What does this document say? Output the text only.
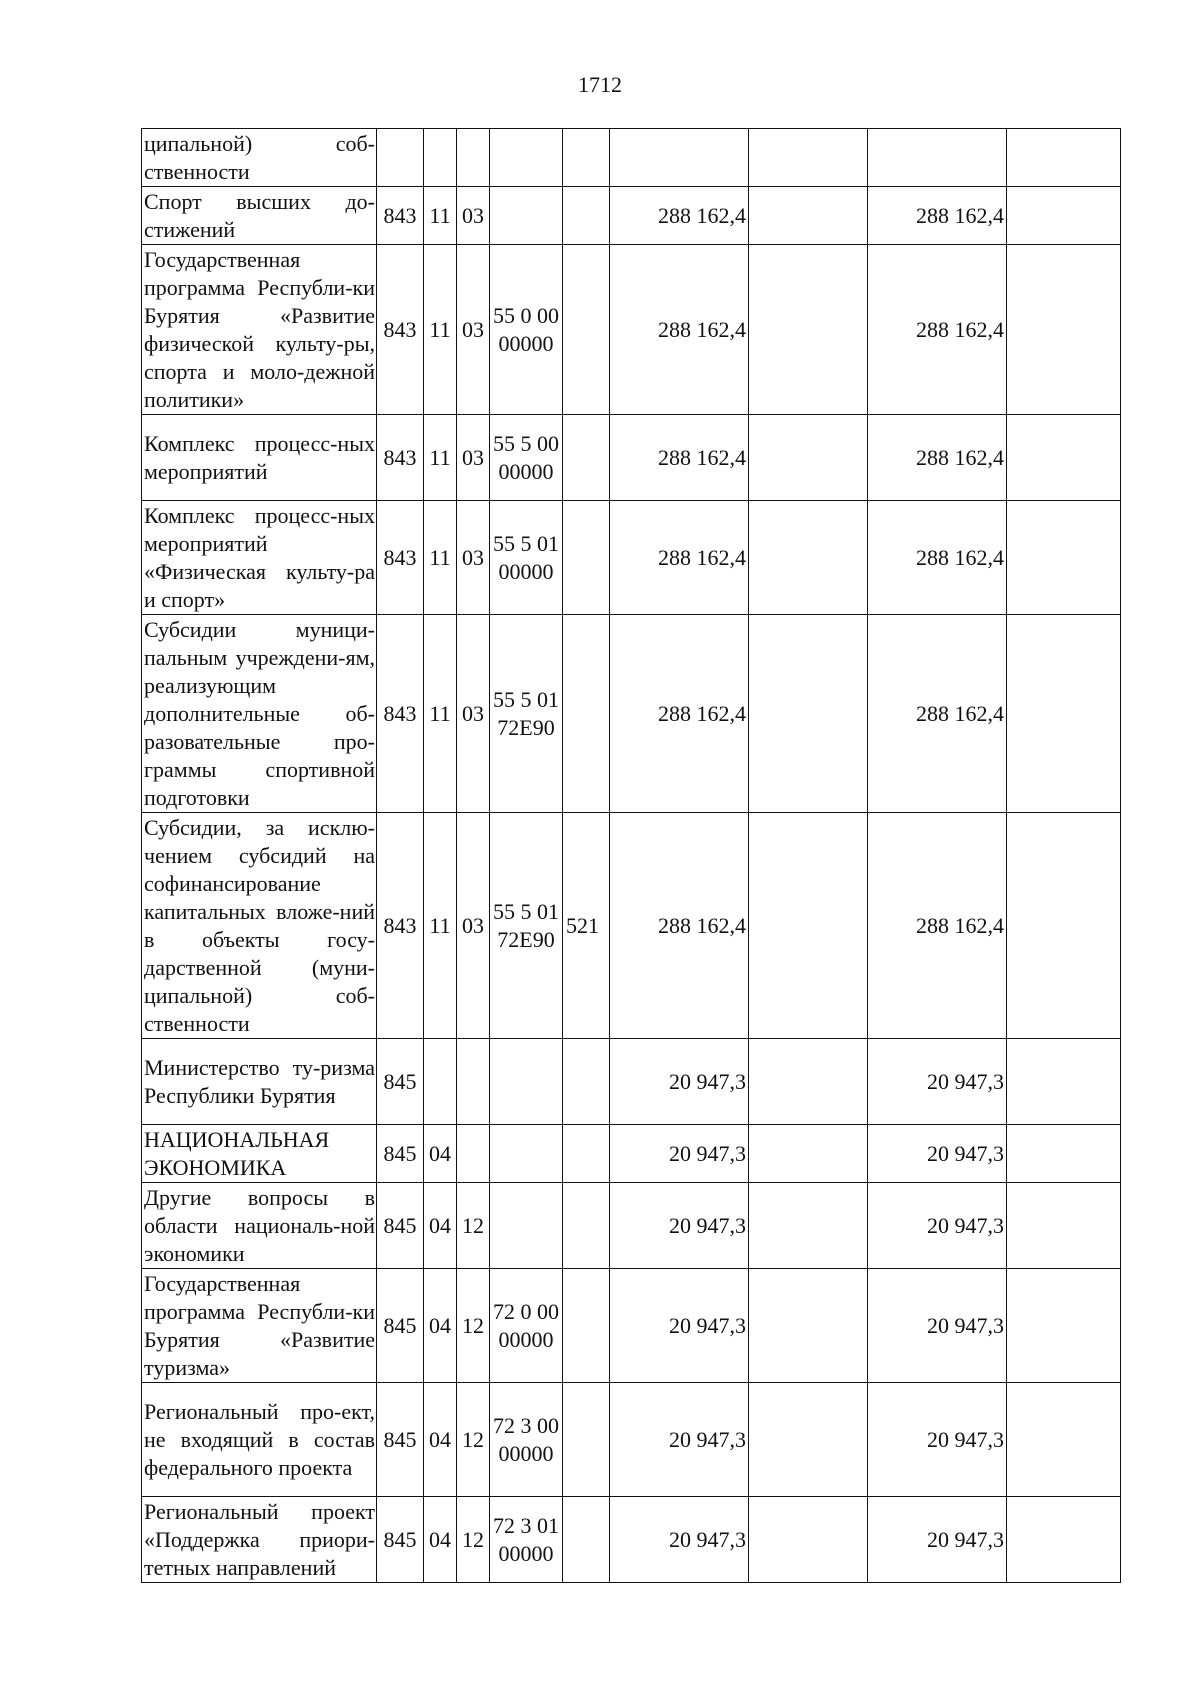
1712
ципальной) соб-ственности									
Спорт высших до-стижений	843	11	03			288 162,4		288 162,4	
Государственная программа Республи-ки Бурятия «Развитие физической культу-ры, спорта и моло-дежной политики»	843	11	03	55 0 00 00000		288 162,4		288 162,4	
Комплекс процесс-ных мероприятий	843	11	03	55 5 00 00000		288 162,4		288 162,4	
Комплекс процесс-ных мероприятий «Физическая культу-ра и спорт»	843	11	03	55 5 01 00000		288 162,4		288 162,4	
Субсидии муници-пальным учреждени-ям, реализующим дополнительные об-разовательные про-граммы спортивной подготовки	843	11	03	55 5 01 72E90		288 162,4		288 162,4	
Субсидии, за исклю-чением субсидий на софинансирование капитальных вложе-ний в объекты госу-дарственной (муни-ципальной) соб-ственности	843	11	03	55 5 01 72E90	521	288 162,4		288 162,4	
Министерство ту-ризма Республики Бурятия	845					20 947,3		20 947,3	
НАЦИОНАЛЬНАЯ ЭКОНОМИКА	845	04				20 947,3		20 947,3	
Другие вопросы в области националь-ной экономики	845	04	12			20 947,3		20 947,3	
Государственная программа Республи-ки Бурятия «Развитие туризма»	845	04	12	72 0 00 00000		20 947,3		20 947,3	
Региональный про-ект, не входящий в состав федерального проекта	845	04	12	72 3 00 00000		20 947,3		20 947,3	
Региональный проект «Поддержка приори-тетных направлений	845	04	12	72 3 01 00000		20 947,3		20 947,3	
